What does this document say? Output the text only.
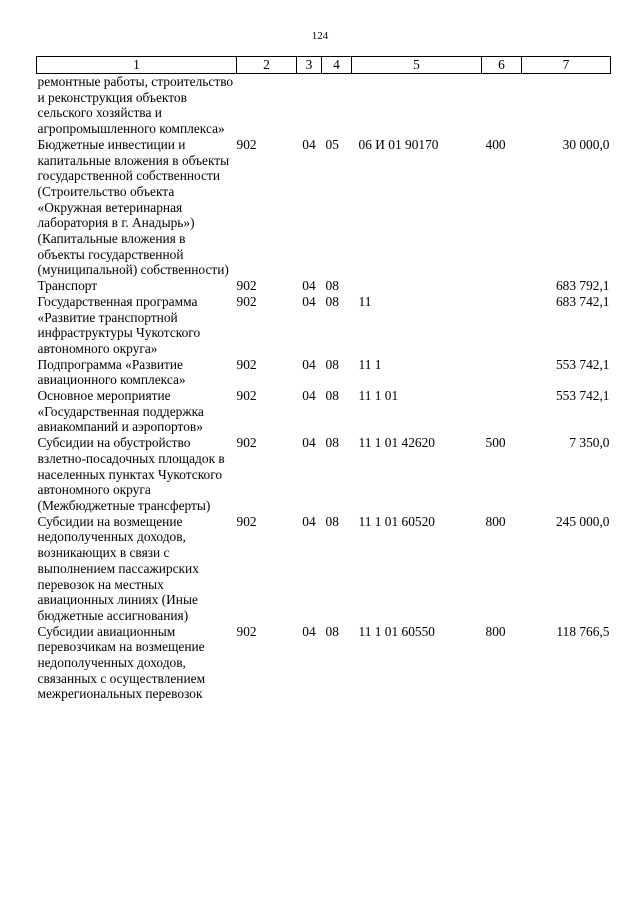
124
1	2	3	4	5	6	7
ремонтные работы, строительство и реконструкция объектов сельского хозяйства и агропромышленного комплекса»						
Бюджетные инвестиции и капитальные вложения в объекты государственной собственности (Строительство объекта «Окружная ветеринарная лаборатория в г. Анадырь») (Капитальные вложения в объекты государственной (муниципальной) собственности)	902	04	05	06 И 01 90170	400	30 000,0
Транспорт	902	04	08			683 792,1
Государственная программа «Развитие транспортной инфраструктуры Чукотского автономного округа»	902	04	08	11		683 742,1
Подпрограмма «Развитие авиационного комплекса»	902	04	08	11 1		553 742,1
Основное мероприятие «Государственная поддержка авиакомпаний и аэропортов»	902	04	08	11 1 01		553 742,1
Субсидии на обустройство взлетно-посадочных площадок в населенных пунктах Чукотского автономного округа (Межбюджетные трансферты)	902	04	08	11 1 01 42620	500	7 350,0
Субсидии на возмещение недополученных доходов, возникающих в связи с выполнением пассажирских перевозок на местных авиационных линиях (Иные бюджетные ассигнования)	902	04	08	11 1 01 60520	800	245 000,0
Субсидии авиационным перевозчикам на возмещение недополученных доходов, связанных с осуществлением межрегиональных перевозок	902	04	08	11 1 01 60550	800	118 766,5
